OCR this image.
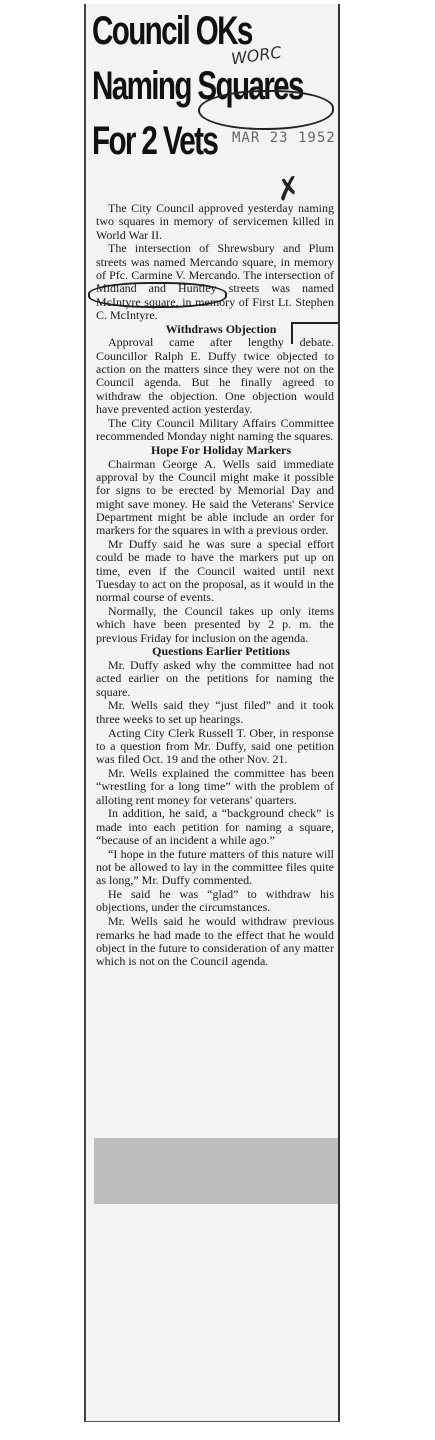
Council OKs
Naming Squares
For 2 Vets
WORC
MAR 23 1952
✗

The City Council approved yesterday naming two squares in memory of servicemen killed in World War II.

The intersection of Shrewsbury and Plum streets was named Mercando square, in memory of Pfc. Carmine V. Mercando. The intersection of Midland and Huntley streets was named McIntyre square, in memory of First Lt. Stephen C. McIntyre.

Withdraws Objection

Approval came after lengthy debate. Councillor Ralph E. Duffy twice objected to action on the matters since they were not on the Council agenda. But he finally agreed to withdraw the objection. One objection would have prevented action yesterday.

The City Council Military Affairs Committee recommended Monday night naming the squares.

Hope For Holiday Markers

Chairman George A. Wells said immediate approval by the Council might make it possible for signs to be erected by Memorial Day and might save money. He said the Veterans' Service Department might be able include an order for markers for the squares in with a previous order.

Mr Duffy said he was sure a special effort could be made to have the markers put up on time, even if the Council waited until next Tuesday to act on the proposal, as it would in the normal course of events.

Normally, the Council takes up only items which have been presented by 2 p. m. the previous Friday for inclusion on the agenda.

Questions Earlier Petitions

Mr. Duffy asked why the committee had not acted earlier on the petitions for naming the square.

Mr. Wells said they “just filed” and it took three weeks to set up hearings.

Acting City Clerk Russell T. Ober, in response to a question from Mr. Duffy, said one petition was filed Oct. 19 and the other Nov. 21.

Mr. Wells explained the committee has been “wrestling for a long time” with the problem of alloting rent money for veterans' quarters.

In addition, he said, a “background check” is made into each petition for naming a square, “because of an incident a while ago.”

“I hope in the future matters of this nature will not be allowed to lay in the committee files quite as long,” Mr. Duffy commented.

He said he was “glad” to withdraw his objections, under the circumstances.

Mr. Wells said he would withdraw previous remarks he had made to the effect that he would object in the future to consideration of any matter which is not on the Council agenda.
